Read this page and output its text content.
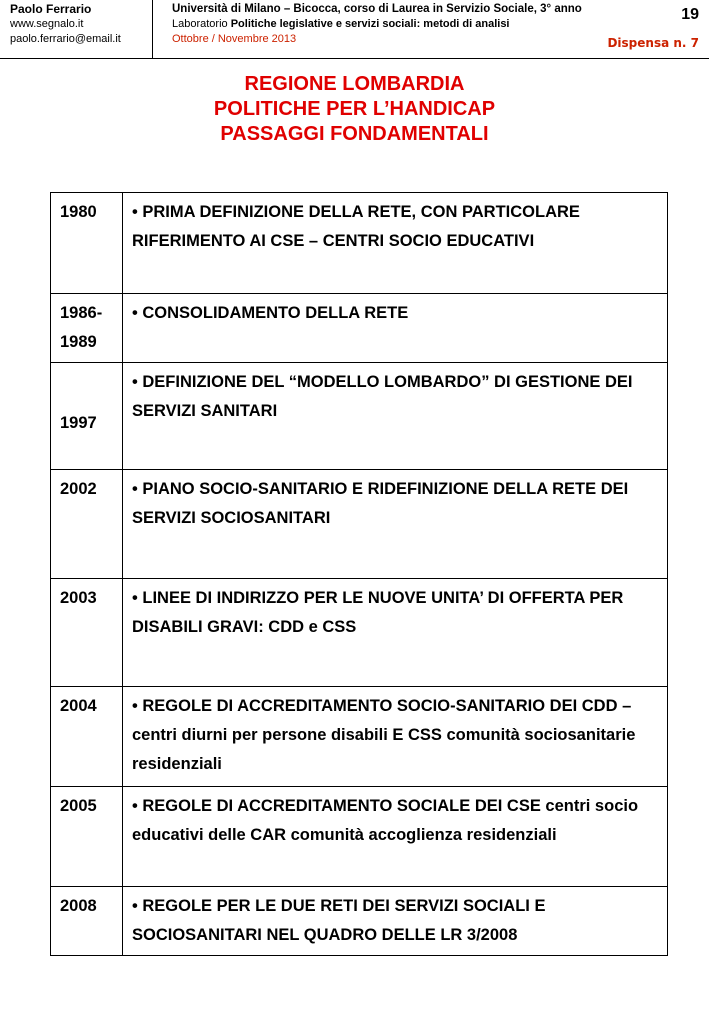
Paolo Ferrario
www.segnalo.it
paolo.ferrario@email.it
Università di Milano – Bicocca, corso di Laurea in Servizio Sociale, 3° anno
Laboratorio Politiche legislative e servizi sociali: metodi di analisi
Ottobre / Novembre 2013
19
Dispensa n. 7
REGIONE LOMBARDIA
POLITICHE PER L’HANDICAP
PASSAGGI FONDAMENTALI
1980	• PRIMA DEFINIZIONE DELLA RETE, CON PARTICOLARE RIFERIMENTO AI CSE – CENTRI SOCIO EDUCATIVI
1986-1989	• CONSOLIDAMENTO DELLA RETE
1997	• DEFINIZIONE DEL “MODELLO LOMBARDO” DI GESTIONE DEI SERVIZI SANITARI
2002	• PIANO SOCIO-SANITARIO E RIDEFINIZIONE DELLA RETE DEI SERVIZI SOCIOSANITARI
2003	• LINEE DI INDIRIZZO PER LE NUOVE UNITA’ DI OFFERTA PER DISABILI GRAVI: CDD e CSS
2004	• REGOLE DI ACCREDITAMENTO SOCIO-SANITARIO DEI CDD – centri diurni per persone disabili E CSS comunità sociosanitarie residenziali
2005	• REGOLE DI ACCREDITAMENTO SOCIALE DEI CSE centri socio educativi delle CAR comunità accoglienza residenziali
2008	• REGOLE PER LE DUE RETI DEI SERVIZI SOCIALI E SOCIOSANITARI NEL QUADRO DELLE LR 3/2008
